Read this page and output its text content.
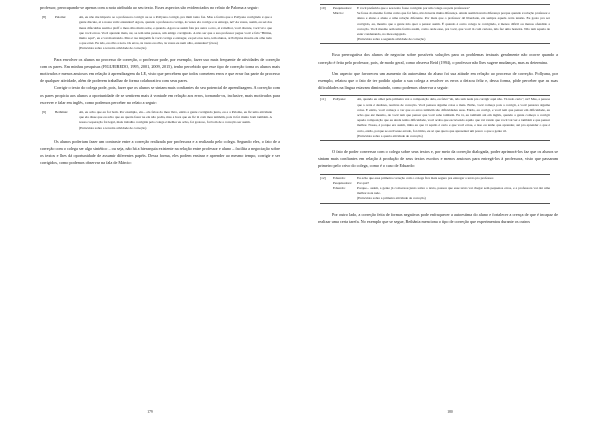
professor, preocupando-se apenas com a nota atribuída ao seu texto. Esses aspectos são evidenciados no relato de Paloma a seguir:

[8]	Paloma:	Ah, eu não me importo se a professora corrigir ou se a Pollyana corrigir, pra mim tanto faz. Mas a forma que a Pollyana corrigindo é que a gente discute, aí a nossa vem: entendeu? Agora, quando a professora corrige, às vezes ela corrige e te entrega, né? As vezes, assim, eu sei dos meus difaculdas assim e ploff o meu olho muito sobe, e quando. Agora se assim fala pra outra o erro, aí é melhor, você discute, você vê o que que você errou. Você aprende mais, né, se tem uma pessoa, um amigo corrigindo. A não ser que a sua professor pegue você e fala "Bittina, muito aqui", eu e vai mostrando. Mas é raa ninguém fe você corrige e entregar, eu pel etos nota, tem alunos, aí Pollyana mostra ela olha tudo o que errei. Eu não, eu olho a nota. Os erros, às vezes eu olho, às vezes eu nem olho, entendeu? (risos)
(Entrevista sobre a terceira atividade de correção)

Para envolver os alunos no processo de correção, o professor pode, por exemplo, fazer uso mais frequente de atividades de correção com os pares. Em minhas pesquisas (FIGUEIREDO, 1995, 2001, 2009, 2015), tenho percebido que esse tipo de correção torna os alunos mais motivados e menos ansiosos em relação à aprendizagem da LE, visto que percebem que todos cometem erros e que errar faz parte do processo de qualquer atividade, além de poderem trabalhar de forma colaborativa com seus pares.

Corrigir o texto do colega pode, pois, fazer que os alunos se sintam mais confiantes do seu potencial de aprendizagem. A correção com os pares propicia aos alunos a oportunidade de se sentirem mais à vontade em relação aos erros, tornando-os, inclusive, mais motivados para escrever e falar em inglês, como podemos perceber no relato a seguir:

[9]	Bethânia:	Ah, eu acho que eu foi bom. Por exemplo, ela... ela falou do meu livro, então a gente corrigindo junto, eu e a Paloma, eu fiz uma atividade que ela disse que eu acho que eu queria fazer ne ela não podia, mas a hora que eu fiz lá com meu também, pois tá foi muito bom também. A nossa cooperação foi legal, mais trabalho corrigida pelo colega é melhor eu acho, foi gostoso, foi bom de a correção ser assim.
(Entrevista sobre a terceira atividade de correção)

Os alunos poderiam fazer um contraste entre a correção realizada por professora e a realizada pelo colega. Segundo eles, o fato de a correção com o colega ser algo sintético – ou seja, não há a hierarquia existente na relação entre professor e aluno – facilita a negociação sobre os textos e lhes dá oportunidade de assumir diferentes papéis. Dessa forma, eles podem ensinar e aprender ao mesmo tempo, corrigir e ser corrigidos, como podemos observar na fala de Márcio:

179
[10]	Pesquisadora:	E você preferiria que o seu texto fosse corrigido por um colega ou pela professora?
Márcio:	Se fosse do mesmo forma como que foi feita, não haveria muita diferença. Ainda assim haveria diferença porque quando é relação professor e aluno e aluno e aluno e uma relação diferente. Por mais que o professor dê liberdade, ela sempre aquela certa tensão. Eu gosto pra ser corrigido, eu, mesmo que a gente não quer a pensar assim. É quando é outro colega te corrigindo, é menos difícil ou menos ofendido a correção. Você mesmo sem uma forma assim, como onde esse, pra você, que você tá com certeza, não fez uma besteira. Não tem aquela de estar condenando, no meu engajado.
(Entrevista sobre a segunda atividade de correção)

Essa prerrogativa dos alunos de negociar sobre possíveis soluções para os problemas textuais geralmente não ocorre quando a correção é feita pelo professor, pois, de modo geral, como observa Reid (1994), o professor não lhes sugere mudanças, mas as determina.

Um aspecto que favoreceu um aumento da autoestima do aluno foi sua atitude em relação ao processo de correção. Pollyana, por exemplo, relatou que o fato de ter podido ajudar a sua colega a resolver os erros a deixou feliz e, dessa forma, pôde perceber que as suas dificuldades na língua estavam diminuindo, como podemos observar a seguir:

[11]	Pollyana:	Ah, quando eu olhei pela primeira vez a composição dela, eu falei "ah, não tem nada pra corrigir aqui não. Tá tudo certo", né? Mas, a pessoa que a certa é deslizes, reativas de correção. Você pensou alguma coisa a mais. Então, você começa pois a corrigir, e você pensava alguma coisa. E então, você começa a ver que os erros também são dificuldades suas. Então, eu corrigi, e você tem que pensar em dificuldade, eu acho que até mesmo, de você tem que pensar que você sabe também. Eu tá, eu também até em inglês, quando a gente começa a corrigir aquela composição que eu ainda tenho dificuldade, você acaba que escrevendo aquilo que vai vendo que você vai ver e também e que pensar melhor. Nossa, é porque era assim, tinha eu que vi aquilo é certo e que você errou, e isso eu tenho que aprender, até pra aprender o que é certo, então, porque se eu tivesse errado, foi ótimo, eu só que quero que apresentei um pouco o que a gente vê.
(Entrevista sobre a quarta atividade de correção)

O fato de poder conversar com o colega sobre seus textos e, por meio da correção dialogada, poder aprimorá-los faz que os alunos se sintam mais confiantes em relação à produção de seus textos escritos e menos ansiosos para entregá-los à professora, visto que passaram primeiro pelo crivo do colega, como é o caso de Eduardo:

[12]	Eduardo:	Eu acho que essa primeira correção com o colega fica mais seguro pra entregar o texto pro professor.
Pesquisadora:	Por quê?
Eduardo:	Porque... assim, a gente já conversou junto sobre o texto, passou que esse texto vai chegar sem pequenos erros, e a professora vai dar uma melhor nota nele.
(Entrevista sobre a primeira atividade de correção)

Por outro lado, a correção feita de formas negativas pode enfraquecer a autoestima do aluno e fortalecer a crença de que é incapaz de realizar uma certa tarefa. No exemplo que se segue, Bethânia menciona o tipo de correção que experimentou durante os outros

180
